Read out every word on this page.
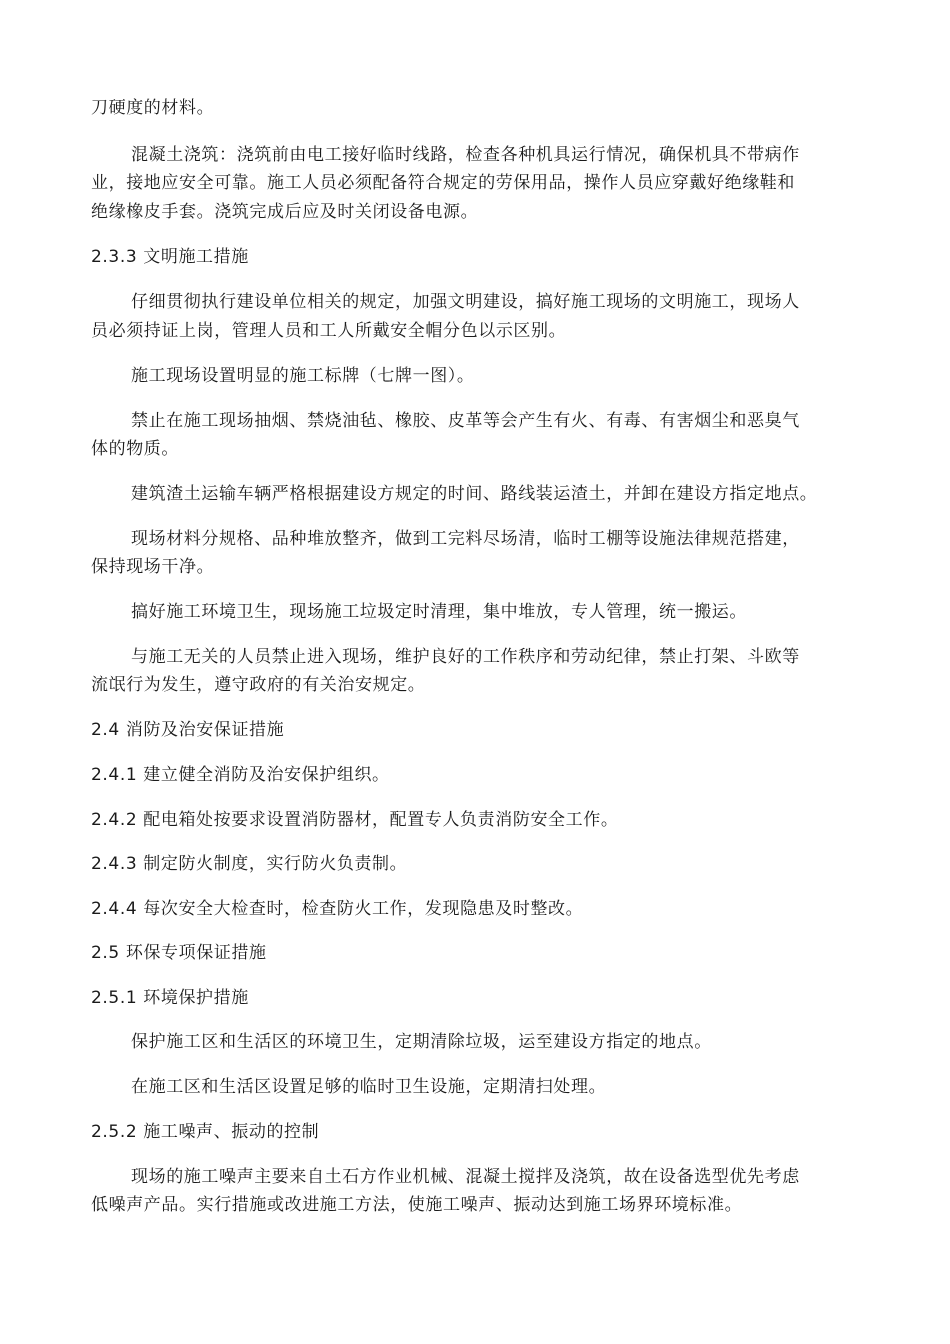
刀硬度的材料。
混凝土浇筑：浇筑前由电工接好临时线路，检查各种机具运行情况，确保机具不带病作
业，接地应安全可靠。施工人员必须配备符合规定的劳保用品，操作人员应穿戴好绝缘鞋和
绝缘橡皮手套。浇筑完成后应及时关闭设备电源。
2.3.3 文明施工措施
仔细贯彻执行建设单位相关的规定，加强文明建设，搞好施工现场的文明施工，现场人
员必须持证上岗，管理人员和工人所戴安全帽分色以示区别。
施工现场设置明显的施工标牌（七牌一图）。
禁止在施工现场抽烟、禁烧油毡、橡胶、皮革等会产生有火、有毒、有害烟尘和恶臭气
体的物质。
建筑渣土运输车辆严格根据建设方规定的时间、路线装运渣土，并卸在建设方指定地点。
现场材料分规格、品种堆放整齐，做到工完料尽场清，临时工棚等设施法律规范搭建，
保持现场干净。
搞好施工环境卫生，现场施工垃圾定时清理，集中堆放，专人管理，统一搬运。
与施工无关的人员禁止进入现场，维护良好的工作秩序和劳动纪律，禁止打架、斗欧等
流氓行为发生，遵守政府的有关治安规定。
2.4 消防及治安保证措施
2.4.1 建立健全消防及治安保护组织。
2.4.2 配电箱处按要求设置消防器材，配置专人负责消防安全工作。
2.4.3 制定防火制度，实行防火负责制。
2.4.4 每次安全大检查时，检查防火工作，发现隐患及时整改。
2.5 环保专项保证措施
2.5.1 环境保护措施
保护施工区和生活区的环境卫生，定期清除垃圾，运至建设方指定的地点。
在施工区和生活区设置足够的临时卫生设施，定期清扫处理。
2.5.2 施工噪声、振动的控制
现场的施工噪声主要来自土石方作业机械、混凝土搅拌及浇筑，故在设备选型优先考虑
低噪声产品。实行措施或改进施工方法，使施工噪声、振动达到施工场界环境标准。
